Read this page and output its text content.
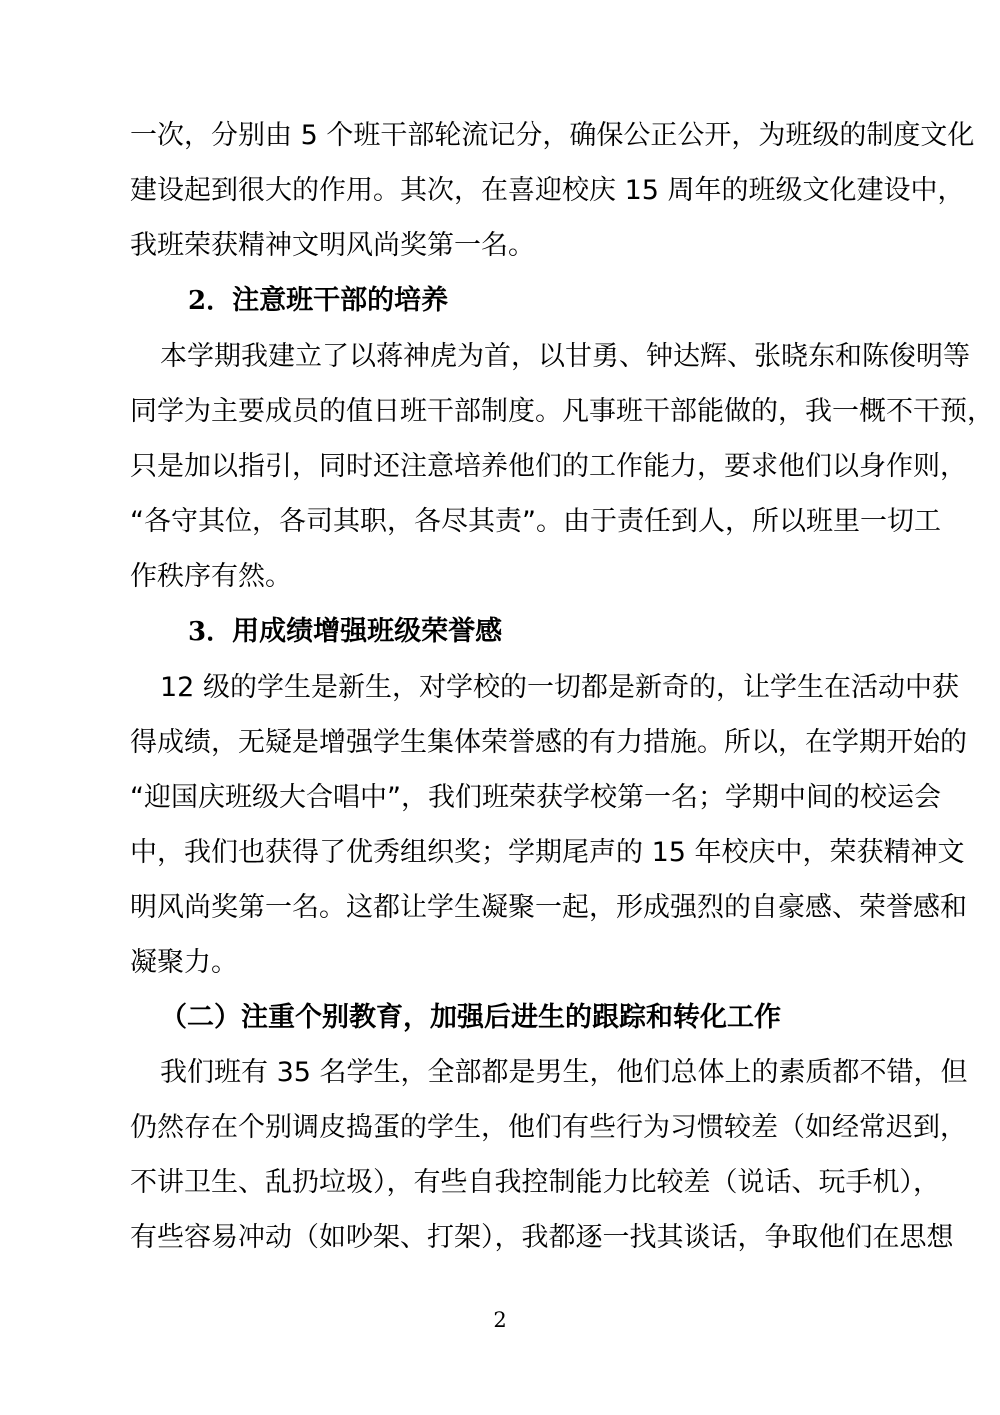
一次，分别由 5 个班干部轮流记分，确保公正公开，为班级的制度文化
建设起到很大的作用。其次，在喜迎校庆 15 周年的班级文化建设中，
我班荣获精神文明风尚奖第一名。
2．注意班干部的培养
本学期我建立了以蒋神虎为首，以甘勇、钟达辉、张晓东和陈俊明等
同学为主要成员的值日班干部制度。凡事班干部能做的，我一概不干预，
只是加以指引，同时还注意培养他们的工作能力，要求他们以身作则，
“各守其位，各司其职，各尽其责”。由于责任到人，所以班里一切工
作秩序有然。
3．用成绩增强班级荣誉感
12 级的学生是新生，对学校的一切都是新奇的，让学生在活动中获
得成绩，无疑是增强学生集体荣誉感的有力措施。所以，在学期开始的
“迎国庆班级大合唱中”，我们班荣获学校第一名；学期中间的校运会
中，我们也获得了优秀组织奖；学期尾声的 15 年校庆中，荣获精神文
明风尚奖第一名。这都让学生凝聚一起，形成强烈的自豪感、荣誉感和
凝聚力。
（二）注重个别教育，加强后进生的跟踪和转化工作
我们班有 35 名学生，全部都是男生，他们总体上的素质都不错，但
仍然存在个别调皮捣蛋的学生，他们有些行为习惯较差（如经常迟到，
不讲卫生、乱扔垃圾），有些自我控制能力比较差（说话、玩手机），
有些容易冲动（如吵架、打架），我都逐一找其谈话，争取他们在思想
2
